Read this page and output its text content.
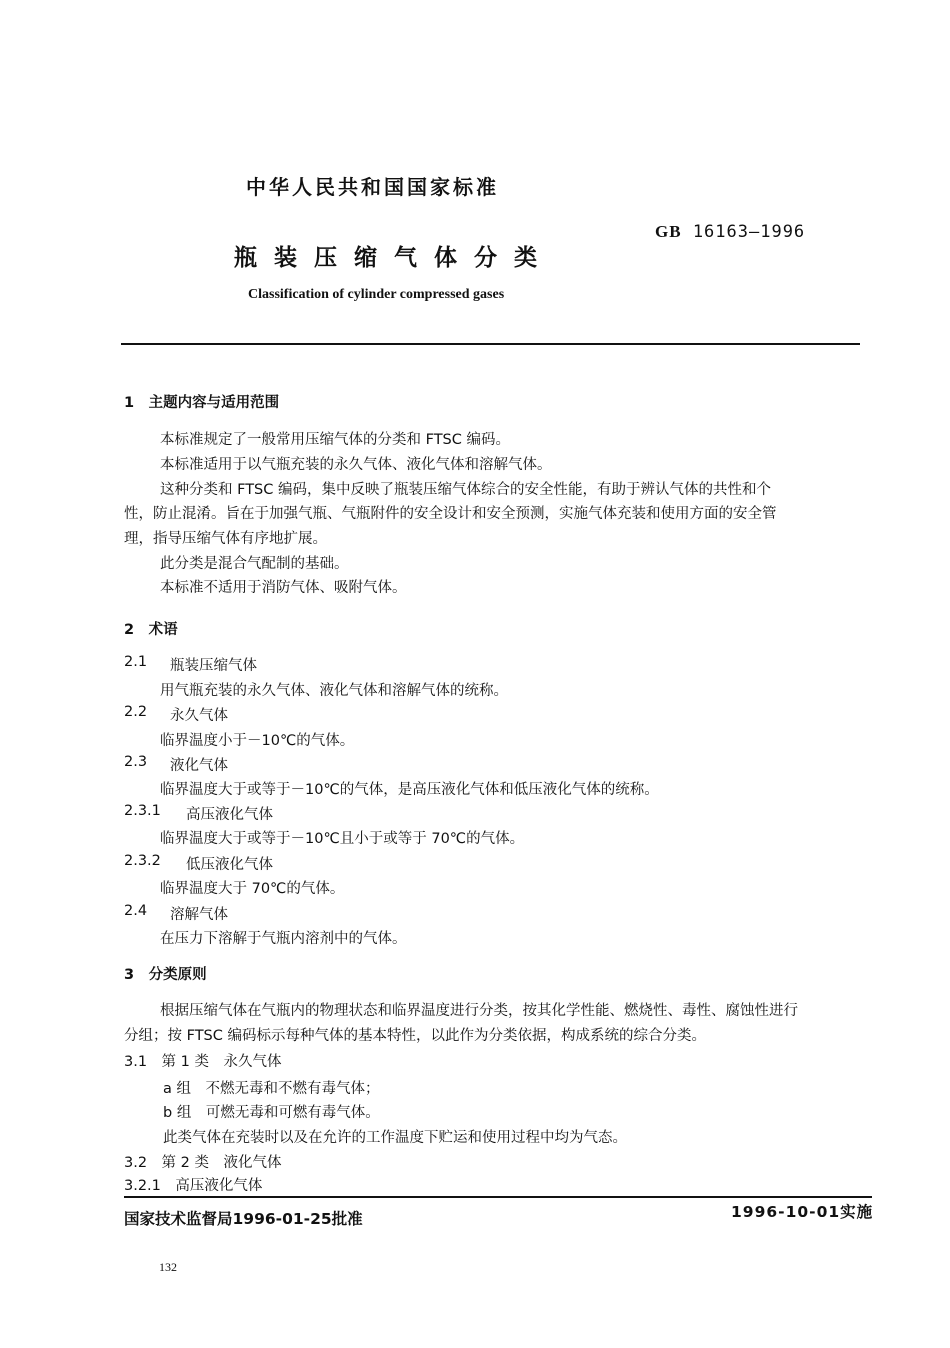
中华人民共和国国家标准
GB 16163—1996
瓶装压缩气体分类
Classification of cylinder compressed gases
1　主题内容与适用范围
本标准规定了一般常用压缩气体的分类和 FTSC 编码。
本标准适用于以气瓶充装的永久气体、液化气体和溶解气体。
这种分类和 FTSC 编码，集中反映了瓶装压缩气体综合的安全性能，有助于辨认气体的共性和个
性，防止混淆。旨在于加强气瓶、气瓶附件的安全设计和安全预测，实施气体充装和使用方面的安全管
理，指导压缩气体有序地扩展。
此分类是混合气配制的基础。
本标准不适用于消防气体、吸附气体。
2　术语
2.1 瓶装压缩气体
用气瓶充装的永久气体、液化气体和溶解气体的统称。
2.2 永久气体
临界温度小于－10℃的气体。
2.3 液化气体
临界温度大于或等于－10℃的气体，是高压液化气体和低压液化气体的统称。
2.3.1 高压液化气体
临界温度大于或等于－10℃且小于或等于 70℃的气体。
2.3.2 低压液化气体
临界温度大于 70℃的气体。
2.4 溶解气体
在压力下溶解于气瓶内溶剂中的气体。
3　分类原则
根据压缩气体在气瓶内的物理状态和临界温度进行分类，按其化学性能、燃烧性、毒性、腐蚀性进行
分组；按 FTSC 编码标示每种气体的基本特性，以此作为分类依据，构成系统的综合分类。
3.1　第 1 类　永久气体
a 组　不燃无毒和不燃有毒气体；
b 组　可燃无毒和可燃有毒气体。
此类气体在充装时以及在允许的工作温度下贮运和使用过程中均为气态。
3.2　第 2 类　液化气体
3.2.1　高压液化气体
国家技术监督局1996-01-25批准	1996-10-01实施
132
